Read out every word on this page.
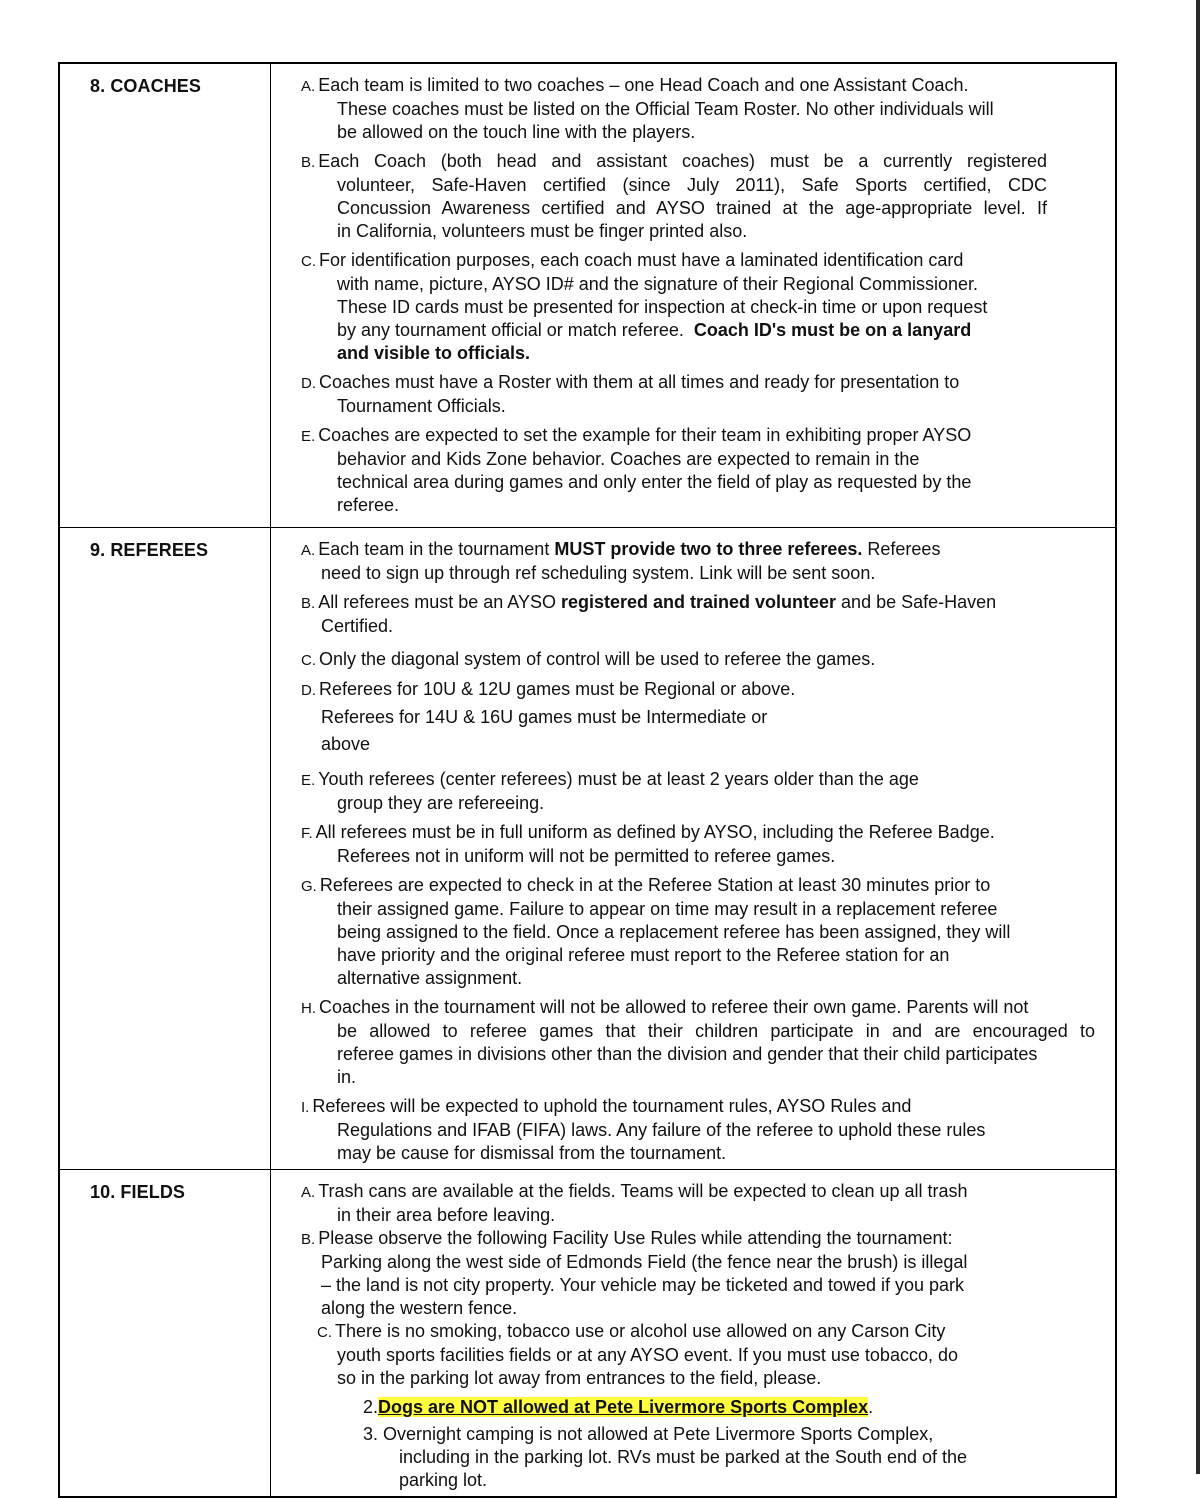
8. COACHES	A. Each team is limited to two coaches – one Head Coach and one Assistant Coach.
These coaches must be listed on the Official Team Roster. No other individuals will
be allowed on the touch line with the players.
B. Each Coach (both head and assistant coaches) must be a currently registered
volunteer, Safe-Haven certified (since July 2011), Safe Sports certified, CDC
Concussion Awareness certified and AYSO trained at the age-appropriate level. If
in California, volunteers must be finger printed also.
C. For identification purposes, each coach must have a laminated identification card
with name, picture, AYSO ID# and the signature of their Regional Commissioner.
These ID cards must be presented for inspection at check-in time or upon request
by any tournament official or match referee.  Coach ID's must be on a lanyard
and visible to officials.
D. Coaches must have a Roster with them at all times and ready for presentation to
Tournament Officials.
E. Coaches are expected to set the example for their team in exhibiting proper AYSO
behavior and Kids Zone behavior. Coaches are expected to remain in the
technical area during games and only enter the field of play as requested by the
referee.

9. REFEREES	A. Each team in the tournament MUST provide two to three referees. Referees
need to sign up through ref scheduling system. Link will be sent soon.
B. All referees must be an AYSO registered and trained volunteer and be Safe-Haven
Certified.
C. Only the diagonal system of control will be used to referee the games.
D. Referees for 10U & 12U games must be Regional or above.
Referees for 14U & 16U games must be Intermediate or
above
E. Youth referees (center referees) must be at least 2 years older than the age
group they are refereeing.
F. All referees must be in full uniform as defined by AYSO, including the Referee Badge.
Referees not in uniform will not be permitted to referee games.
G. Referees are expected to check in at the Referee Station at least 30 minutes prior to
their assigned game. Failure to appear on time may result in a replacement referee
being assigned to the field. Once a replacement referee has been assigned, they will
have priority and the original referee must report to the Referee station for an
alternative assignment.
H. Coaches in the tournament will not be allowed to referee their own game. Parents will not
be allowed to referee games that their children participate in and are encouraged to
referee games in divisions other than the division and gender that their child participates
in.
I. Referees will be expected to uphold the tournament rules, AYSO Rules and
Regulations and IFAB (FIFA) laws. Any failure of the referee to uphold these rules
may be cause for dismissal from the tournament.

10. FIELDS	A. Trash cans are available at the fields. Teams will be expected to clean up all trash
in their area before leaving.
B. Please observe the following Facility Use Rules while attending the tournament:
Parking along the west side of Edmonds Field (the fence near the brush) is illegal
– the land is not city property. Your vehicle may be ticketed and towed if you park
along the western fence.
C. There is no smoking, tobacco use or alcohol use allowed on any Carson City
youth sports facilities fields or at any AYSO event. If you must use tobacco, do
so in the parking lot away from entrances to the field, please.
2.Dogs are NOT allowed at Pete Livermore Sports Complex.
3. Overnight camping is not allowed at Pete Livermore Sports Complex,
including in the parking lot. RVs must be parked at the South end of the
parking lot.
